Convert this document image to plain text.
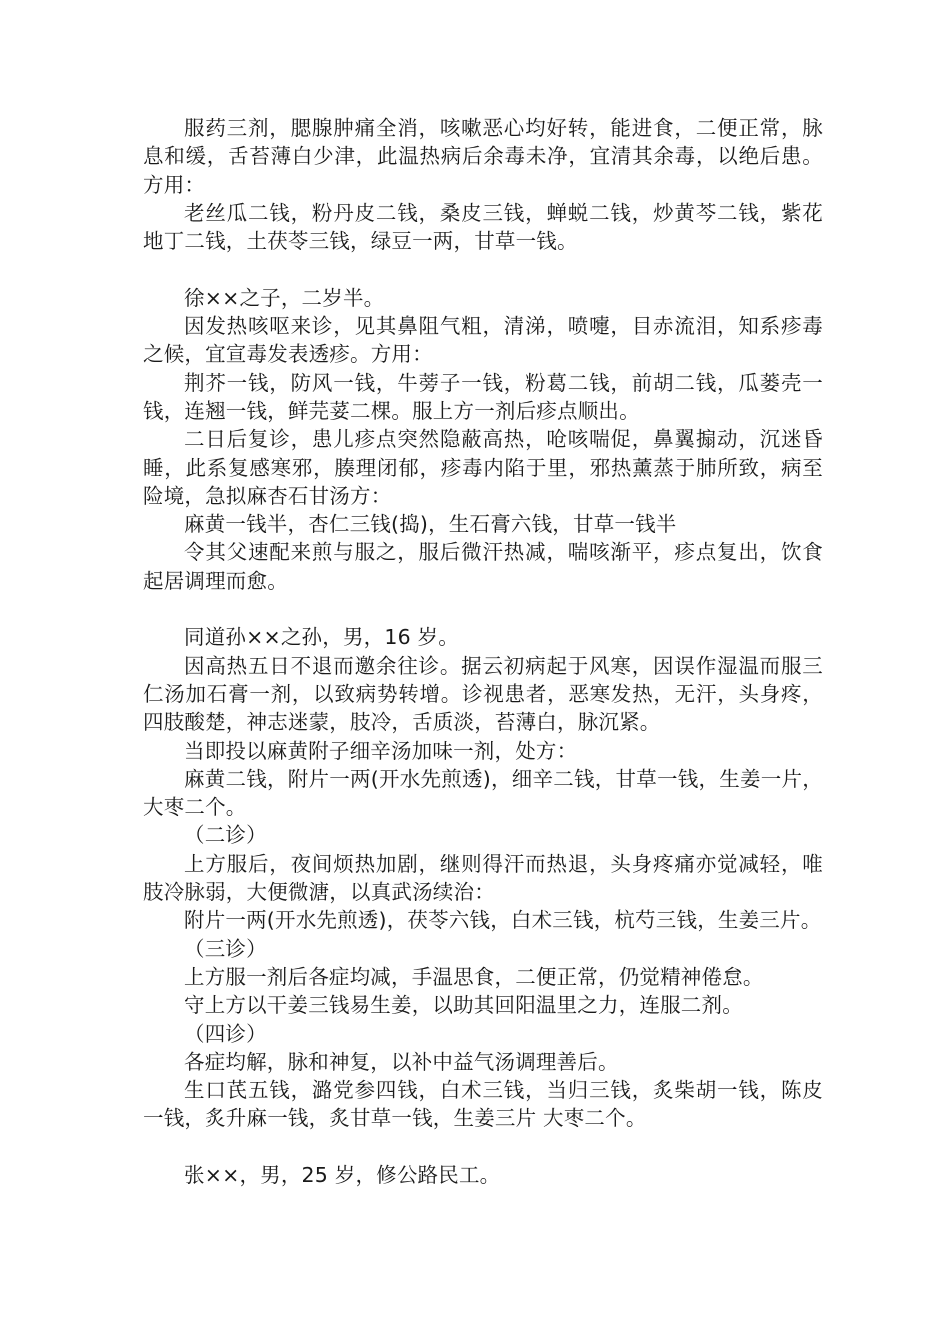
服药三剂，腮腺肿痛全消，咳嗽恶心均好转，能进食，二便正常，脉息和缓，舌苔薄白少津，此温热病后余毒未净，宜清其余毒，以绝后患。方用：

老丝瓜二钱，粉丹皮二钱，桑皮三钱，蝉蜕二钱，炒黄芩二钱，紫花地丁二钱，土茯苓三钱，绿豆一两，甘草一钱。

徐××之子，二岁半。

因发热咳呕来诊，见其鼻阻气粗，清涕，喷嚏，目赤流泪，知系疹毒之候，宜宣毒发表透疹。方用：

荆芥一钱，防风一钱，牛蒡子一钱，粉葛二钱，前胡二钱，瓜蒌壳一钱，连翘一钱，鲜芫荽二棵。服上方一剂后疹点顺出。

二日后复诊，患儿疹点突然隐蔽高热，呛咳喘促，鼻翼搧动，沉迷昏睡，此系复感寒邪，腠理闭郁，疹毒内陷于里，邪热薰蒸于肺所致，病至险境，急拟麻杏石甘汤方：

麻黄一钱半，杏仁三钱(捣)，生石膏六钱，甘草一钱半

令其父速配来煎与服之，服后微汗热减，喘咳渐平，疹点复出，饮食起居调理而愈。

同道孙××之孙，男，16 岁。

因高热五日不退而邀余往诊。据云初病起于风寒，因误作湿温而服三仁汤加石膏一剂，以致病势转增。诊视患者，恶寒发热，无汗，头身疼，四肢酸楚，神志迷蒙，肢冷，舌质淡，苔薄白，脉沉紧。

当即投以麻黄附子细辛汤加味一剂，处方：

麻黄二钱，附片一两(开水先煎透)，细辛二钱，甘草一钱，生姜一片，大枣二个。

（二诊）

上方服后，夜间烦热加剧，继则得汗而热退，头身疼痛亦觉减轻，唯肢冷脉弱，大便微溏，以真武汤续治：

附片一两(开水先煎透)，茯苓六钱，白术三钱，杭芍三钱，生姜三片。

（三诊）

上方服一剂后各症均减，手温思食，二便正常，仍觉精神倦怠。

守上方以干姜三钱易生姜，以助其回阳温里之力，连服二剂。

（四诊）

各症均解，脉和神复，以补中益气汤调理善后。

生口芪五钱，潞党参四钱，白术三钱，当归三钱，炙柴胡一钱，陈皮一钱，炙升麻一钱，炙甘草一钱，生姜三片 大枣二个。

张××，男，25 岁，修公路民工。
